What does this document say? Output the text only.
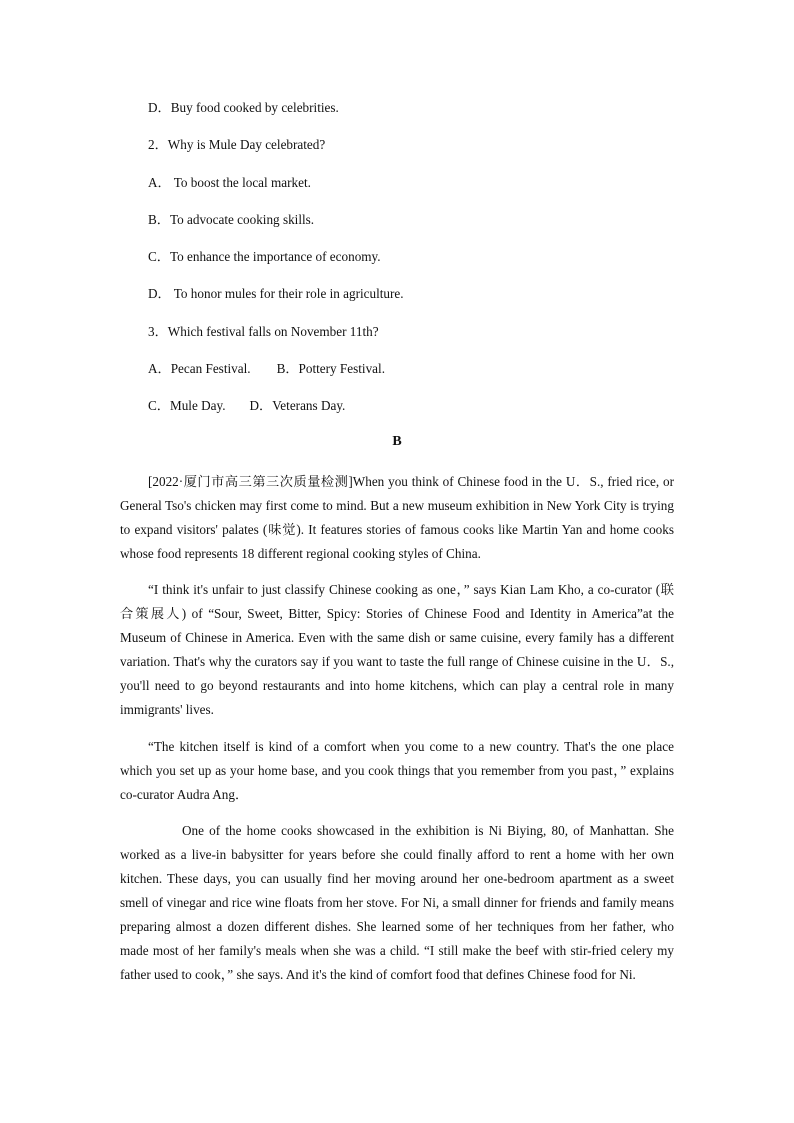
D．Buy food cooked by celebrities.
2．Why is Mule Day celebrated?
A． To boost the local market.
B．To advocate cooking skills.
C．To enhance the importance of economy.
D． To honor mules for their role in agriculture.
3．Which festival falls on November 11th?
A．Pecan Festival. B．Pottery Festival.
C．Mule Day. D．Veterans Day.
B

[2022·厦门市高三第三次质量检测]When you think of Chinese food in the U．S., fried rice, or General Tso's chicken may first come to mind. But a new museum exhibition in New York City is trying to expand visitors' palates (味觉). It features stories of famous cooks like Martin Yan and home cooks whose food represents 18 different regional cooking styles of China.

“I think it's unfair to just classify Chinese cooking as one，” says Kian Lam Kho, a co-curator (联合策展人) of “Sour, Sweet, Bitter, Spicy: Stories of Chinese Food and Identity in America”at the Museum of Chinese in America. Even with the same dish or same cuisine, every family has a different variation. That's why the curators say if you want to taste the full range of Chinese cuisine in the U．S., you'll need to go beyond restaurants and into home kitchens, which can play a central role in many immigrants' lives.

“The kitchen itself is kind of a comfort when you come to a new country. That's the one place which you set up as your home base, and you cook things that you remember from you past，” explains co-curator Audra Ang．

One of the home cooks showcased in the exhibition is Ni Biying, 80, of Manhattan. She worked as a live-in babysitter for years before she could finally afford to rent a home with her own kitchen. These days, you can usually find her moving around her one-bedroom apartment as a sweet smell of vinegar and rice wine floats from her stove. For Ni, a small dinner for friends and family means preparing almost a dozen different dishes. She learned some of her techniques from her father, who made most of her family's meals when she was a child. “I still make the beef with stir-fried celery my father used to cook，” she says. And it's the kind of comfort food that defines Chinese food for Ni.
